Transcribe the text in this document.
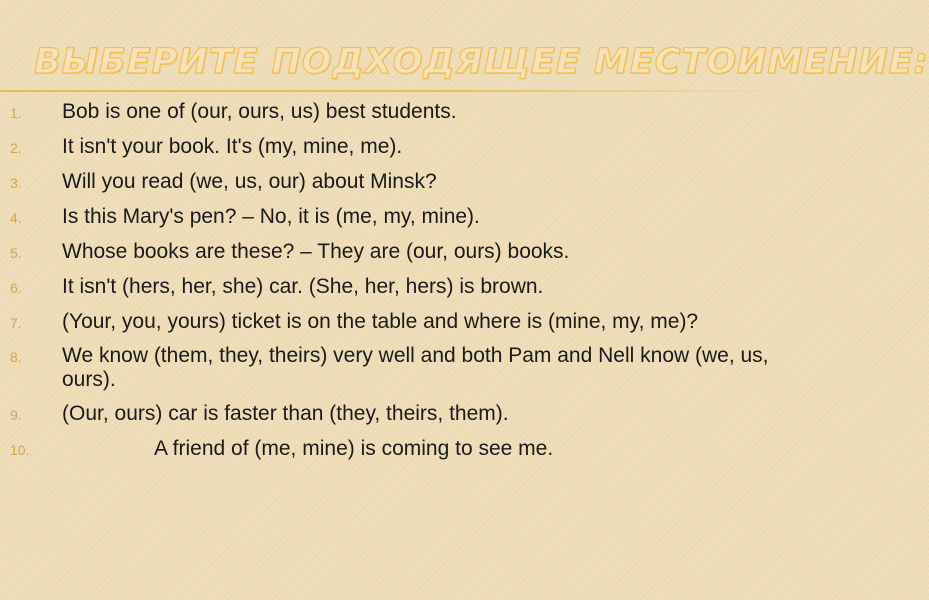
ВЫБЕРИТЕ ПОДХОДЯЩЕЕ МЕСТОИМЕНИЕ:
1. Bob is one of (our, ours, us) best students.
2. It isn't your book. It's (my, mine, me).
3. Will you read (we, us, our) about Minsk?
4. Is this Mary's pen? – No, it is (me, my, mine).
5. Whose books are these? – They are (our, ours) books.
6. It isn't (hers, her, she) car. (She, her, hers) is brown.
7. (Your, you, yours) ticket is on the table and where is (mine, my, me)?
8. We know (them, they, theirs) very well and both Pam and Nell know (we, us, ours).
9. (Our, ours) car is faster than (they, theirs, them).
10.	A friend of (me, mine) is coming to see me.
